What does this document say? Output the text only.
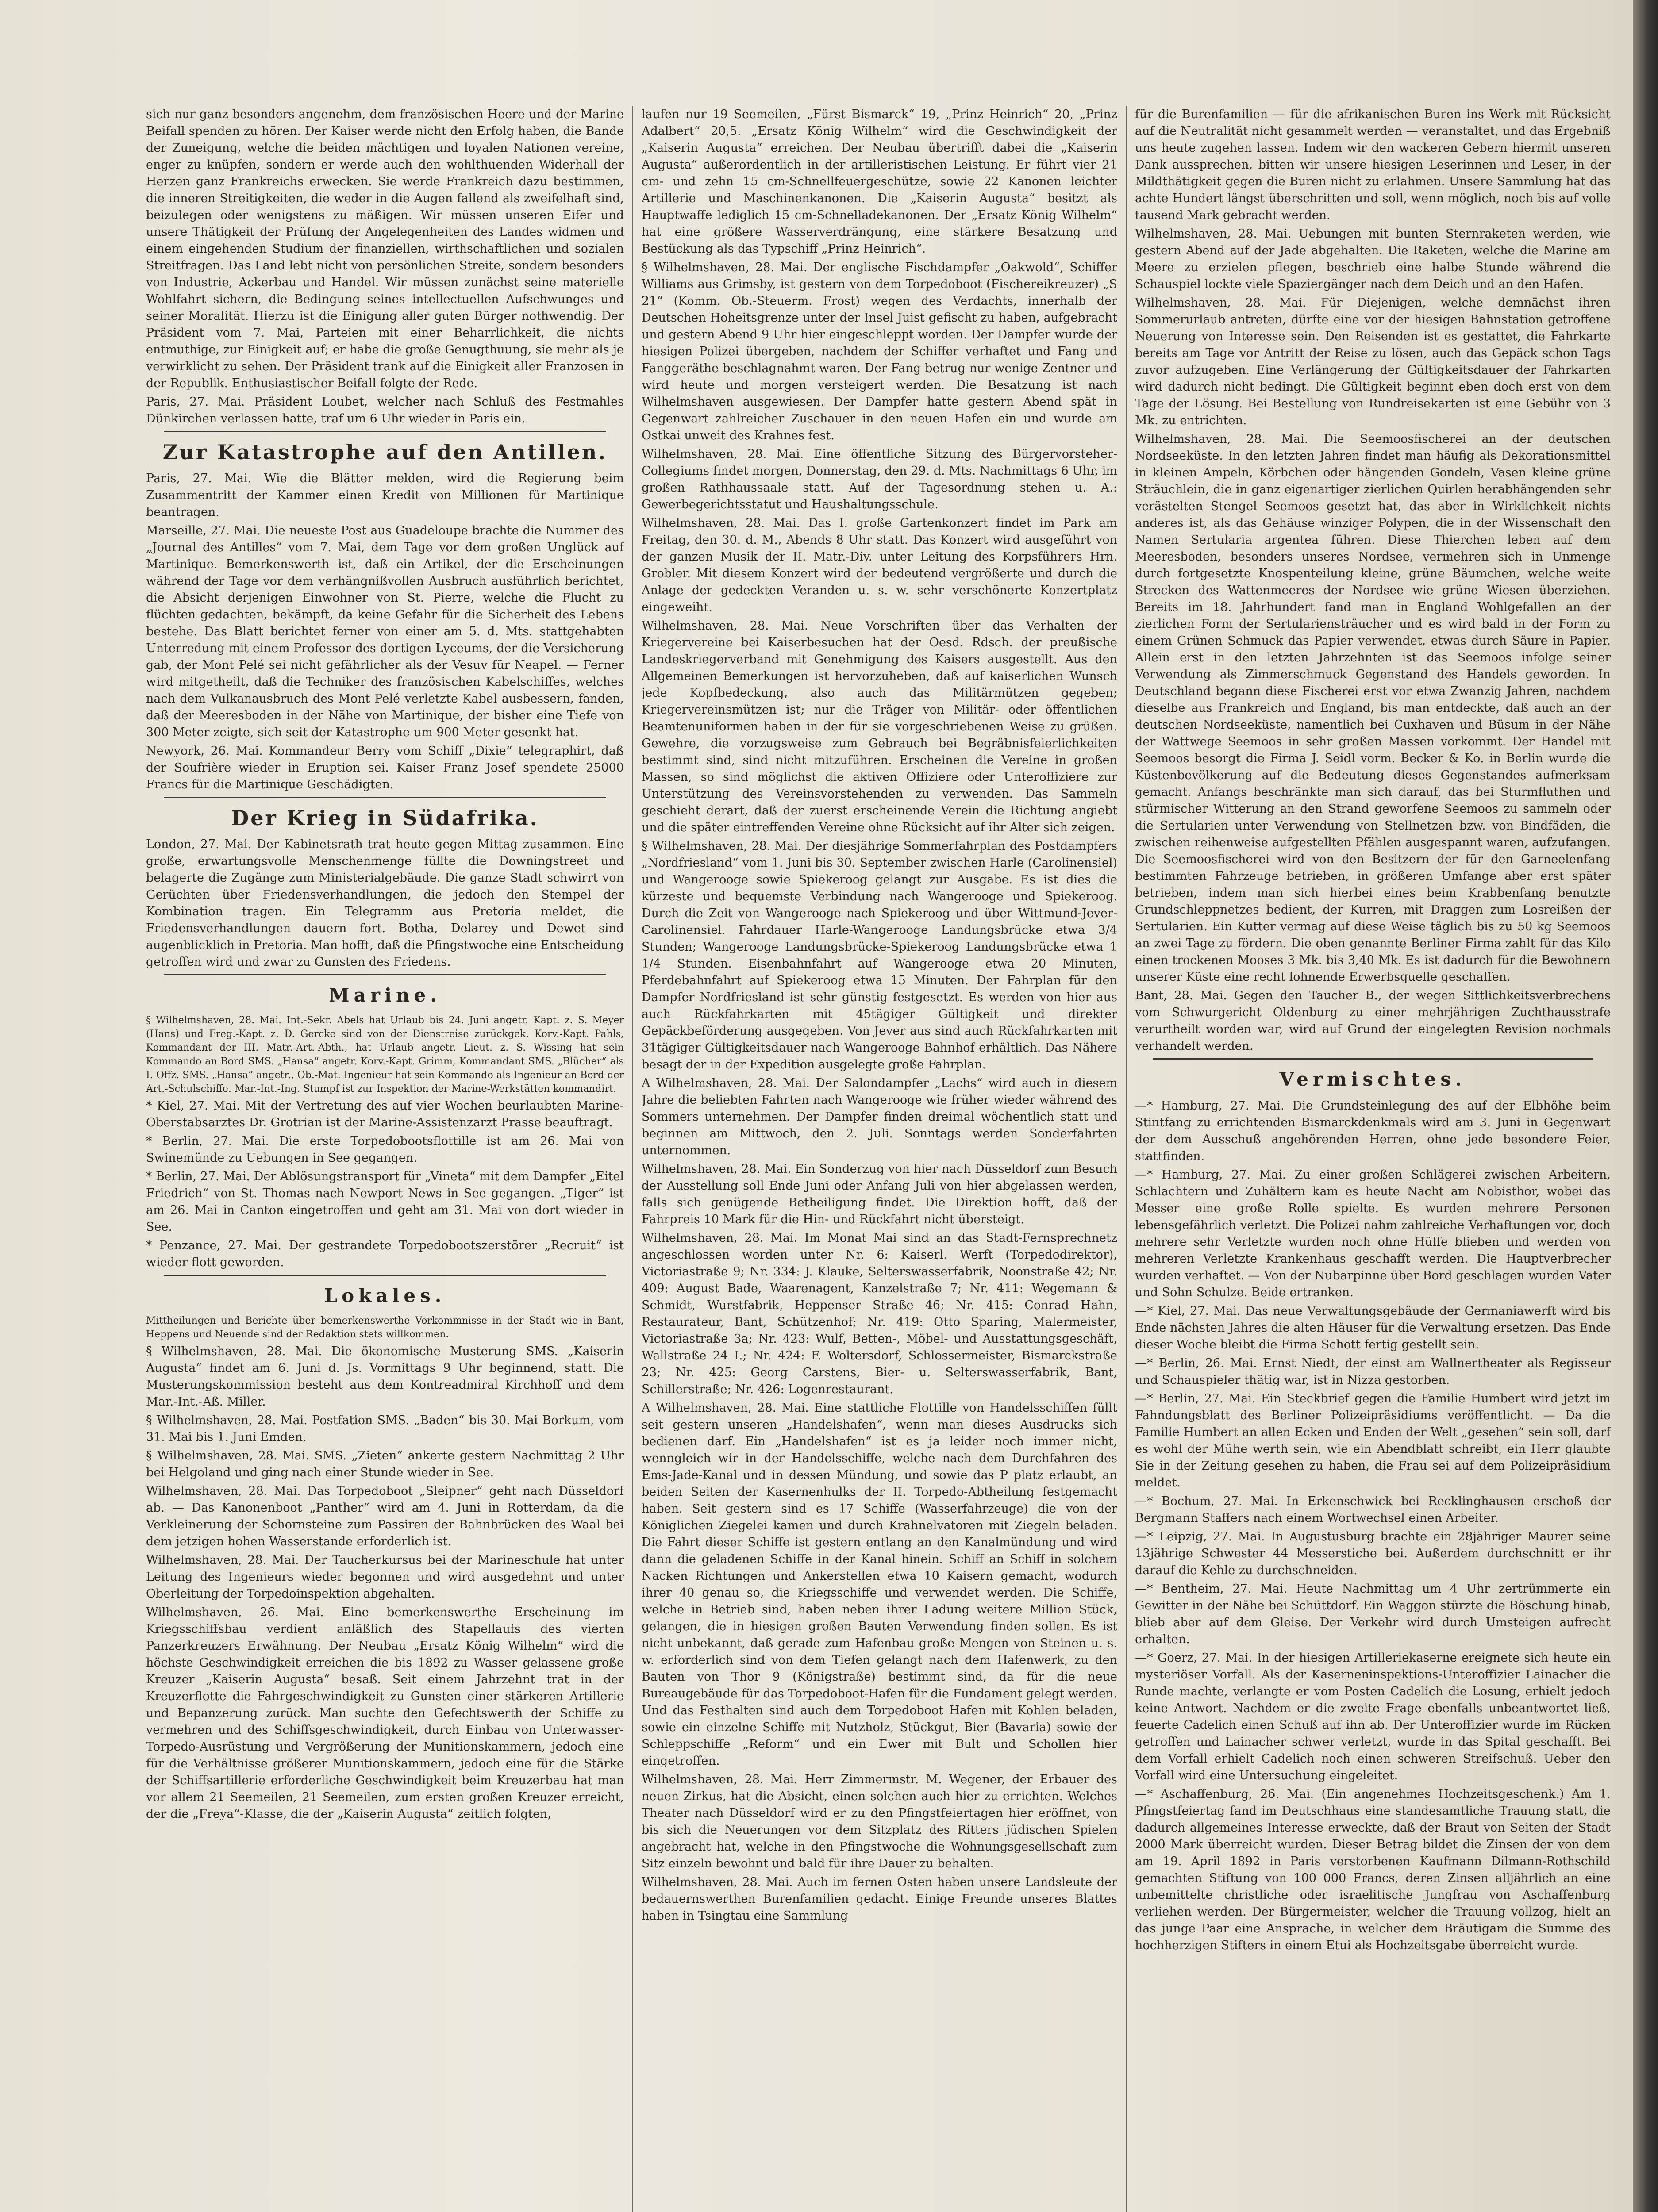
sich nur ganz besonders angenehm, dem französischen Heere und der Marine Beifall spenden zu hören. Der Kaiser werde nicht den Erfolg haben, die Bande der Zuneigung, welche die beiden mächtigen und loyalen Nationen vereine, enger zu knüpfen, sondern er werde auch den wohlthuenden Widerhall der Herzen ganz Frankreichs erwecken. Sie werde Frankreich dazu bestimmen, die inneren Streitigkeiten, die weder in die Augen fallend als zweifelhaft sind, beizulegen oder wenigstens zu mäßigen. Wir müssen unseren Eifer und unsere Thätigkeit der Prüfung der Angelegenheiten des Landes widmen und einem eingehenden Studium der finanziellen, wirthschaftlichen und sozialen Streitfragen. Das Land lebt nicht von persönlichen Streite, sondern besonders von Industrie, Ackerbau und Handel. Wir müssen zunächst seine materielle Wohlfahrt sichern, die Bedingung seines intellectuellen Aufschwunges und seiner Moralität. Hierzu ist die Einigung aller guten Bürger nothwendig. Der Präsident vom 7. Mai, Parteien mit einer Beharrlichkeit, die nichts entmuthige, zur Einigkeit auf; er habe die große Genugthuung, sie mehr als je verwirklicht zu sehen. Der Präsident trank auf die Einigkeit aller Franzosen in der Republik. Enthusiastischer Beifall folgte der Rede.

Paris, 27. Mai. Präsident Loubet, welcher nach Schluß des Festmahles Dünkirchen verlassen hatte, traf um 6 Uhr wieder in Paris ein.

Zur Katastrophe auf den Antillen.

Paris, 27. Mai. Wie die Blätter melden, wird die Regierung beim Zusammentritt der Kammer einen Kredit von Millionen für Martinique beantragen.

Marseille, 27. Mai. Die neueste Post aus Guadeloupe brachte die Nummer des „Journal des Antilles“ vom 7. Mai, dem Tage vor dem großen Unglück auf Martinique. Bemerkenswerth ist, daß ein Artikel, der die Erscheinungen während der Tage vor dem verhängnißvollen Ausbruch ausführlich berichtet, die Absicht derjenigen Einwohner von St. Pierre, welche die Flucht zu flüchten gedachten, bekämpft, da keine Gefahr für die Sicherheit des Lebens bestehe. Das Blatt berichtet ferner von einer am 5. d. Mts. stattgehabten Unterredung mit einem Professor des dortigen Lyceums, der die Versicherung gab, der Mont Pelé sei nicht gefährlicher als der Vesuv für Neapel. — Ferner wird mitgetheilt, daß die Techniker des französischen Kabelschiffes, welches nach dem Vulkanausbruch des Mont Pelé verletzte Kabel ausbessern, fanden, daß der Meeresboden in der Nähe von Martinique, der bisher eine Tiefe von 300 Meter zeigte, sich seit der Katastrophe um 900 Meter gesenkt hat.

Newyork, 26. Mai. Kommandeur Berry vom Schiff „Dixie“ telegraphirt, daß der Soufrière wieder in Eruption sei. Kaiser Franz Josef spendete 25000 Francs für die Martinique Geschädigten.

Der Krieg in Südafrika.

London, 27. Mai. Der Kabinetsrath trat heute gegen Mittag zusammen. Eine große, erwartungsvolle Menschenmenge füllte die Downingstreet und belagerte die Zugänge zum Ministerialgebäude. Die ganze Stadt schwirrt von Gerüchten über Friedensverhandlungen, die jedoch den Stempel der Kombination tragen. Ein Telegramm aus Pretoria meldet, die Friedensverhandlungen dauern fort. Botha, Delarey und Dewet sind augenblicklich in Pretoria. Man hofft, daß die Pfingstwoche eine Entscheidung getroffen wird und zwar zu Gunsten des Friedens.

Marine.

§ Wilhelmshaven, 28. Mai. Int.-Sekr. Abels hat Urlaub bis 24. Juni angetr. Kapt. z. S. Meyer (Hans) und Freg.-Kapt. z. D. Gercke sind von der Dienstreise zurückgek. Korv.-Kapt. Pahls, Kommandant der III. Matr.-Art.-Abth., hat Urlaub angetr. Lieut. z. S. Wissing hat sein Kommando an Bord SMS. „Hansa“ angetr. Korv.-Kapt. Grimm, Kommandant SMS. „Blücher“ als I. Offz. SMS. „Hansa“ angetr., Ob.-Mat. Ingenieur hat sein Kommando als Ingenieur an Bord der Art.-Schulschiffe. Mar.-Int.-Ing. Stumpf ist zur Inspektion der Marine-Werkstätten kommandirt.

* Kiel, 27. Mai. Mit der Vertretung des auf vier Wochen beurlaubten Marine-Oberstabsarztes Dr. Grotrian ist der Marine-Assistenzarzt Prasse beauftragt.

* Berlin, 27. Mai. Die erste Torpedobootsflottille ist am 26. Mai von Swinemünde zu Uebungen in See gegangen.

* Berlin, 27. Mai. Der Ablösungstransport für „Vineta“ mit dem Dampfer „Eitel Friedrich“ von St. Thomas nach Newport News in See gegangen. „Tiger“ ist am 26. Mai in Canton eingetroffen und geht am 31. Mai von dort wieder in See.

* Penzance, 27. Mai. Der gestrandete Torpedobootszerstörer „Recruit“ ist wieder flott geworden.

Lokales.

Mittheilungen und Berichte über bemerkenswerthe Vorkommnisse in der Stadt wie in Bant, Heppens und Neuende sind der Redaktion stets willkommen.

§ Wilhelmshaven, 28. Mai. Die ökonomische Musterung SMS. „Kaiserin Augusta“ findet am 6. Juni d. Js. Vormittags 9 Uhr beginnend, statt. Die Musterungskommission besteht aus dem Kontreadmiral Kirchhoff und dem Mar.-Int.-Aß. Miller.

§ Wilhelmshaven, 28. Mai. Postfation SMS. „Baden“ bis 30. Mai Borkum, vom 31. Mai bis 1. Juni Emden.

§ Wilhelmshaven, 28. Mai. SMS. „Zieten“ ankerte gestern Nachmittag 2 Uhr bei Helgoland und ging nach einer Stunde wieder in See.

Wilhelmshaven, 28. Mai. Das Torpedoboot „Sleipner“ geht nach Düsseldorf ab. — Das Kanonenboot „Panther“ wird am 4. Juni in Rotterdam, da die Verkleinerung der Schornsteine zum Passiren der Bahnbrücken des Waal bei dem jetzigen hohen Wasserstande erforderlich ist.

Wilhelmshaven, 28. Mai. Der Taucherkursus bei der Marineschule hat unter Leitung des Ingenieurs wieder begonnen und wird ausgedehnt und unter Oberleitung der Torpedoinspektion abgehalten.

Wilhelmshaven, 26. Mai. Eine bemerkenswerthe Erscheinung im Kriegsschiffsbau verdient anläßlich des Stapellaufs des vierten Panzerkreuzers Erwähnung. Der Neubau „Ersatz König Wilhelm“ wird die höchste Geschwindigkeit erreichen die bis 1892 zu Wasser gelassene große Kreuzer „Kaiserin Augusta“ besaß. Seit einem Jahrzehnt trat in der Kreuzerflotte die Fahrgeschwindigkeit zu Gunsten einer stärkeren Artillerie und Bepanzerung zurück. Man suchte den Gefechtswerth der Schiffe zu vermehren und des Schiffsgeschwindigkeit, durch Einbau von Unterwasser-Torpedo-Ausrüstung und Vergrößerung der Munitionskammern, jedoch eine für die Verhältnisse größerer Munitionskammern, jedoch eine für die Stärke der Schiffsartillerie erforderliche Geschwindigkeit beim Kreuzerbau hat man vor allem 21 Seemeilen, 21 Seemeilen, zum ersten großen Kreuzer erreicht, der die „Freya“-Klasse, die der „Kaiserin Augusta“ zeitlich folgten,

laufen nur 19 Seemeilen, „Fürst Bismarck“ 19, „Prinz Heinrich“ 20, „Prinz Adalbert“ 20,5. „Ersatz König Wilhelm“ wird die Geschwindigkeit der „Kaiserin Augusta“ erreichen. Der Neubau übertrifft dabei die „Kaiserin Augusta“ außerordentlich in der artilleristischen Leistung. Er führt vier 21 cm- und zehn 15 cm-Schnellfeuergeschütze, sowie 22 Kanonen leichter Artillerie und Maschinenkanonen. Die „Kaiserin Augusta“ besitzt als Hauptwaffe lediglich 15 cm-Schnelladekanonen. Der „Ersatz König Wilhelm“ hat eine größere Wasserverdrängung, eine stärkere Besatzung und Bestückung als das Typschiff „Prinz Heinrich“.

§ Wilhelmshaven, 28. Mai. Der englische Fischdampfer „Oakwold“, Schiffer Williams aus Grimsby, ist gestern von dem Torpedoboot (Fischereikreuzer) „S 21“ (Komm. Ob.-Steuerm. Frost) wegen des Verdachts, innerhalb der Deutschen Hoheitsgrenze unter der Insel Juist gefischt zu haben, aufgebracht und gestern Abend 9 Uhr hier eingeschleppt worden. Der Dampfer wurde der hiesigen Polizei übergeben, nachdem der Schiffer verhaftet und Fang und Fanggeräthe beschlagnahmt waren. Der Fang betrug nur wenige Zentner und wird heute und morgen versteigert werden. Die Besatzung ist nach Wilhelmshaven ausgewiesen. Der Dampfer hatte gestern Abend spät in Gegenwart zahlreicher Zuschauer in den neuen Hafen ein und wurde am Ostkai unweit des Krahnes fest.

Wilhelmshaven, 28. Mai. Eine öffentliche Sitzung des Bürgervorsteher-Collegiums findet morgen, Donnerstag, den 29. d. Mts. Nachmittags 6 Uhr, im großen Rathhaussaale statt. Auf der Tagesordnung stehen u. A.: Gewerbegerichtsstatut und Haushaltungsschule.

Wilhelmshaven, 28. Mai. Das I. große Gartenkonzert findet im Park am Freitag, den 30. d. M., Abends 8 Uhr statt. Das Konzert wird ausgeführt von der ganzen Musik der II. Matr.-Div. unter Leitung des Korpsführers Hrn. Grobler. Mit diesem Konzert wird der bedeutend vergrößerte und durch die Anlage der gedeckten Veranden u. s. w. sehr verschönerte Konzertplatz eingeweiht.

Wilhelmshaven, 28. Mai. Neue Vorschriften über das Verhalten der Kriegervereine bei Kaiserbesuchen hat der Oesd. Rdsch. der preußische Landeskriegerverband mit Genehmigung des Kaisers ausgestellt. Aus den Allgemeinen Bemerkungen ist hervorzuheben, daß auf kaiserlichen Wunsch jede Kopfbedeckung, also auch das Militärmützen gegeben; Kriegervereinsmützen ist; nur die Träger von Militär- oder öffentlichen Beamtenuniformen haben in der für sie vorgeschriebenen Weise zu grüßen. Gewehre, die vorzugsweise zum Gebrauch bei Begräbnisfeierlichkeiten bestimmt sind, sind nicht mitzuführen. Erscheinen die Vereine in großen Massen, so sind möglichst die aktiven Offiziere oder Unteroffiziere zur Unterstützung des Vereinsvorstehenden zu verwenden. Das Sammeln geschieht derart, daß der zuerst erscheinende Verein die Richtung angiebt und die später eintreffenden Vereine ohne Rücksicht auf ihr Alter sich zeigen.

§ Wilhelmshaven, 28. Mai. Der diesjährige Sommerfahrplan des Postdampfers „Nordfriesland“ vom 1. Juni bis 30. September zwischen Harle (Carolinensiel) und Wangerooge sowie Spiekeroog gelangt zur Ausgabe. Es ist dies die kürzeste und bequemste Verbindung nach Wangerooge und Spiekeroog. Durch die Zeit von Wangerooge nach Spiekeroog und über Wittmund-Jever-Carolinensiel. Fahrdauer Harle-Wangerooge Landungsbrücke etwa 3/4 Stunden; Wangerooge Landungsbrücke-Spiekeroog Landungsbrücke etwa 1 1/4 Stunden. Eisenbahnfahrt auf Wangerooge etwa 20 Minuten, Pferdebahnfahrt auf Spiekeroog etwa 15 Minuten. Der Fahrplan für den Dampfer Nordfriesland ist sehr günstig festgesetzt. Es werden von hier aus auch Rückfahrkarten mit 45tägiger Gültigkeit und direkter Gepäckbeförderung ausgegeben. Von Jever aus sind auch Rückfahrkarten mit 31tägiger Gültigkeitsdauer nach Wangerooge Bahnhof erhältlich. Das Nähere besagt der in der Expedition ausgelegte große Fahrplan.

A Wilhelmshaven, 28. Mai. Der Salondampfer „Lachs“ wird auch in diesem Jahre die beliebten Fahrten nach Wangerooge wie früher wieder während des Sommers unternehmen. Der Dampfer finden dreimal wöchentlich statt und beginnen am Mittwoch, den 2. Juli. Sonntags werden Sonderfahrten unternommen.

Wilhelmshaven, 28. Mai. Ein Sonderzug von hier nach Düsseldorf zum Besuch der Ausstellung soll Ende Juni oder Anfang Juli von hier abgelassen werden, falls sich genügende Betheiligung findet. Die Direktion hofft, daß der Fahrpreis 10 Mark für die Hin- und Rückfahrt nicht übersteigt.

Wilhelmshaven, 28. Mai. Im Monat Mai sind an das Stadt-Fernsprechnetz angeschlossen worden unter Nr. 6: Kaiserl. Werft (Torpedodirektor), Victoriastraße 9; Nr. 334: J. Klauke, Selterswasserfabrik, Noonstraße 42; Nr. 409: August Bade, Waarenagent, Kanzelstraße 7; Nr. 411: Wegemann & Schmidt, Wurstfabrik, Heppenser Straße 46; Nr. 415: Conrad Hahn, Restaurateur, Bant, Schützenhof; Nr. 419: Otto Sparing, Malermeister, Victoriastraße 3a; Nr. 423: Wulf, Betten-, Möbel- und Ausstattungsgeschäft, Wallstraße 24 I.; Nr. 424: F. Woltersdorf, Schlossermeister, Bismarckstraße 23; Nr. 425: Georg Carstens, Bier- u. Selterswasserfabrik, Bant, Schillerstraße; Nr. 426: Logenrestaurant.

A Wilhelmshaven, 28. Mai. Eine stattliche Flottille von Handelsschiffen füllt seit gestern unseren „Handelshafen“, wenn man dieses Ausdrucks sich bedienen darf. Ein „Handelshafen“ ist es ja leider noch immer nicht, wenngleich wir in der Handelsschiffe, welche nach dem Durchfahren des Ems-Jade-Kanal und in dessen Mündung, und sowie das P platz erlaubt, an beiden Seiten der Kasernenhulks der II. Torpedo-Abtheilung festgemacht haben. Seit gestern sind es 17 Schiffe (Wasserfahrzeuge) die von der Königlichen Ziegelei kamen und durch Krahnelvatoren mit Ziegeln beladen. Die Fahrt dieser Schiffe ist gestern entlang an den Kanalmündung und wird dann die geladenen Schiffe in der Kanal hinein. Schiff an Schiff in solchem Nacken Richtungen und Ankerstellen etwa 10 Kaisern gemacht, wodurch ihrer 40 genau so, die Kriegsschiffe und verwendet werden. Die Schiffe, welche in Betrieb sind, haben neben ihrer Ladung weitere Million Stück, gelangen, die in hiesigen großen Bauten Verwendung finden sollen. Es ist nicht unbekannt, daß gerade zum Hafenbau große Mengen von Steinen u. s. w. erforderlich sind von dem Tiefen gelangt nach dem Hafenwerk, zu den Bauten von Thor 9 (Königstraße) bestimmt sind, da für die neue Bureaugebäude für das Torpedoboot-Hafen für die Fundament gelegt werden. Und das Festhalten sind auch dem Torpedoboot Hafen mit Kohlen beladen, sowie ein einzelne Schiffe mit Nutzholz, Stückgut, Bier (Bavaria) sowie der Schleppschiffe „Reform“ und ein Ewer mit Bult und Schollen hier eingetroffen.

Wilhelmshaven, 28. Mai. Herr Zimmermstr. M. Wegener, der Erbauer des neuen Zirkus, hat die Absicht, einen solchen auch hier zu errichten. Welches Theater nach Düsseldorf wird er zu den Pfingstfeiertagen hier eröffnet, von bis sich die Neuerungen vor dem Sitzplatz des Ritters jüdischen Spielen angebracht hat, welche in den Pfingstwoche die Wohnungsgesellschaft zum Sitz einzeln bewohnt und bald für ihre Dauer zu behalten.

Wilhelmshaven, 28. Mai. Auch im fernen Osten haben unsere Landsleute der bedauernswerthen Burenfamilien gedacht. Einige Freunde unseres Blattes haben in Tsingtau eine Sammlung

für die Burenfamilien — für die afrikanischen Buren ins Werk mit Rücksicht auf die Neutralität nicht gesammelt werden — veranstaltet, und das Ergebniß uns heute zugehen lassen. Indem wir den wackeren Gebern hiermit unseren Dank aussprechen, bitten wir unsere hiesigen Leserinnen und Leser, in der Mildthätigkeit gegen die Buren nicht zu erlahmen. Unsere Sammlung hat das achte Hundert längst überschritten und soll, wenn möglich, noch bis auf volle tausend Mark gebracht werden.

Wilhelmshaven, 28. Mai. Uebungen mit bunten Sternraketen werden, wie gestern Abend auf der Jade abgehalten. Die Raketen, welche die Marine am Meere zu erzielen pflegen, beschrieb eine halbe Stunde während die Schauspiel lockte viele Spaziergänger nach dem Deich und an den Hafen.

Wilhelmshaven, 28. Mai. Für Diejenigen, welche demnächst ihren Sommerurlaub antreten, dürfte eine vor der hiesigen Bahnstation getroffene Neuerung von Interesse sein. Den Reisenden ist es gestattet, die Fahrkarte bereits am Tage vor Antritt der Reise zu lösen, auch das Gepäck schon Tags zuvor aufzugeben. Eine Verlängerung der Gültigkeitsdauer der Fahrkarten wird dadurch nicht bedingt. Die Gültigkeit beginnt eben doch erst von dem Tage der Lösung. Bei Bestellung von Rundreisekarten ist eine Gebühr von 3 Mk. zu entrichten.

Wilhelmshaven, 28. Mai. Die Seemoosfischerei an der deutschen Nordseeküste. In den letzten Jahren findet man häufig als Dekorationsmittel in kleinen Ampeln, Körbchen oder hängenden Gondeln, Vasen kleine grüne Sträuchlein, die in ganz eigenartiger zierlichen Quirlen herabhängenden sehr verästelten Stengel Seemoos gesetzt hat, das aber in Wirklichkeit nichts anderes ist, als das Gehäuse winziger Polypen, die in der Wissenschaft den Namen Sertularia argentea führen. Diese Thierchen leben auf dem Meeresboden, besonders unseres Nordsee, vermehren sich in Unmenge durch fortgesetzte Knospenteilung kleine, grüne Bäumchen, welche weite Strecken des Wattenmeeres der Nordsee wie grüne Wiesen überziehen. Bereits im 18. Jahrhundert fand man in England Wohlgefallen an der zierlichen Form der Sertulariensträucher und es wird bald in der Form zu einem Grünen Schmuck das Papier verwendet, etwas durch Säure in Papier. Allein erst in den letzten Jahrzehnten ist das Seemoos infolge seiner Verwendung als Zimmerschmuck Gegenstand des Handels geworden. In Deutschland begann diese Fischerei erst vor etwa Zwanzig Jahren, nachdem dieselbe aus Frankreich und England, bis man entdeckte, daß auch an der deutschen Nordseeküste, namentlich bei Cuxhaven und Büsum in der Nähe der Wattwege Seemoos in sehr großen Massen vorkommt. Der Handel mit Seemoos besorgt die Firma J. Seidl vorm. Becker & Ko. in Berlin wurde die Küstenbevölkerung auf die Bedeutung dieses Gegenstandes aufmerksam gemacht. Anfangs beschränkte man sich darauf, das bei Sturmfluthen und stürmischer Witterung an den Strand geworfene Seemoos zu sammeln oder die Sertularien unter Verwendung von Stellnetzen bzw. von Bindfäden, die zwischen reihenweise aufgestellten Pfählen ausgespannt waren, aufzufangen. Die Seemoosfischerei wird von den Besitzern der für den Garneelenfang bestimmten Fahrzeuge betrieben, in größeren Umfange aber erst später betrieben, indem man sich hierbei eines beim Krabbenfang benutzte Grundschleppnetzes bedient, der Kurren, mit Draggen zum Losreißen der Sertularien. Ein Kutter vermag auf diese Weise täglich bis zu 50 kg Seemoos an zwei Tage zu fördern. Die oben genannte Berliner Firma zahlt für das Kilo einen trockenen Mooses 3 Mk. bis 3,40 Mk. Es ist dadurch für die Bewohnern unserer Küste eine recht lohnende Erwerbsquelle geschaffen.

Bant, 28. Mai. Gegen den Taucher B., der wegen Sittlichkeitsverbrechens vom Schwurgericht Oldenburg zu einer mehrjährigen Zuchthausstrafe verurtheilt worden war, wird auf Grund der eingelegten Revision nochmals verhandelt werden.

Vermischtes.

—* Hamburg, 27. Mai. Die Grundsteinlegung des auf der Elbhöhe beim Stintfang zu errichtenden Bismarckdenkmals wird am 3. Juni in Gegenwart der dem Ausschuß angehörenden Herren, ohne jede besondere Feier, stattfinden.

—* Hamburg, 27. Mai. Zu einer großen Schlägerei zwischen Arbeitern, Schlachtern und Zuhältern kam es heute Nacht am Nobisthor, wobei das Messer eine große Rolle spielte. Es wurden mehrere Personen lebensgefährlich verletzt. Die Polizei nahm zahlreiche Verhaftungen vor, doch mehrere sehr Verletzte wurden noch ohne Hülfe blieben und werden von mehreren Verletzte Krankenhaus geschafft werden. Die Hauptverbrecher wurden verhaftet. — Von der Nubarpinne über Bord geschlagen wurden Vater und Sohn Schulze. Beide ertranken.

—* Kiel, 27. Mai. Das neue Verwaltungsgebäude der Germaniawerft wird bis Ende nächsten Jahres die alten Häuser für die Verwaltung ersetzen. Das Ende dieser Woche bleibt die Firma Schott fertig gestellt sein.

—* Berlin, 26. Mai. Ernst Niedt, der einst am Wallnertheater als Regisseur und Schauspieler thätig war, ist in Nizza gestorben.

—* Berlin, 27. Mai. Ein Steckbrief gegen die Familie Humbert wird jetzt im Fahndungsblatt des Berliner Polizeipräsidiums veröffentlicht. — Da die Familie Humbert an allen Ecken und Enden der Welt „gesehen“ sein soll, darf es wohl der Mühe werth sein, wie ein Abendblatt schreibt, ein Herr glaubte Sie in der Zeitung gesehen zu haben, die Frau sei auf dem Polizeipräsidium meldet.

—* Bochum, 27. Mai. In Erkenschwick bei Recklinghausen erschoß der Bergmann Staffers nach einem Wortwechsel einen Arbeiter.

—* Leipzig, 27. Mai. In Augustusburg brachte ein 28jähriger Maurer seine 13jährige Schwester 44 Messerstiche bei. Außerdem durchschnitt er ihr darauf die Kehle zu durchschneiden.

—* Bentheim, 27. Mai. Heute Nachmittag um 4 Uhr zertrümmerte ein Gewitter in der Nähe bei Schüttdorf. Ein Waggon stürzte die Böschung hinab, blieb aber auf dem Gleise. Der Verkehr wird durch Umsteigen aufrecht erhalten.

—* Goerz, 27. Mai. In der hiesigen Artilleriekaserne ereignete sich heute ein mysteriöser Vorfall. Als der Kaserneninspektions-Unteroffizier Lainacher die Runde machte, verlangte er vom Posten Cadelich die Losung, erhielt jedoch keine Antwort. Nachdem er die zweite Frage ebenfalls unbeantwortet ließ, feuerte Cadelich einen Schuß auf ihn ab. Der Unteroffizier wurde im Rücken getroffen und Lainacher schwer verletzt, wurde in das Spital geschafft. Bei dem Vorfall erhielt Cadelich noch einen schweren Streifschuß. Ueber den Vorfall wird eine Untersuchung eingeleitet.

—* Aschaffenburg, 26. Mai. (Ein angenehmes Hochzeitsgeschenk.) Am 1. Pfingstfeiertag fand im Deutschhaus eine standesamtliche Trauung statt, die dadurch allgemeines Interesse erweckte, daß der Braut von Seiten der Stadt 2000 Mark überreicht wurden. Dieser Betrag bildet die Zinsen der von dem am 19. April 1892 in Paris verstorbenen Kaufmann Dilmann-Rothschild gemachten Stiftung von 100 000 Francs, deren Zinsen alljährlich an eine unbemittelte christliche oder israelitische Jungfrau von Aschaffenburg verliehen werden. Der Bürgermeister, welcher die Trauung vollzog, hielt an das junge Paar eine Ansprache, in welcher dem Bräutigam die Summe des hochherzigen Stifters in einem Etui als Hochzeitsgabe überreicht wurde.
